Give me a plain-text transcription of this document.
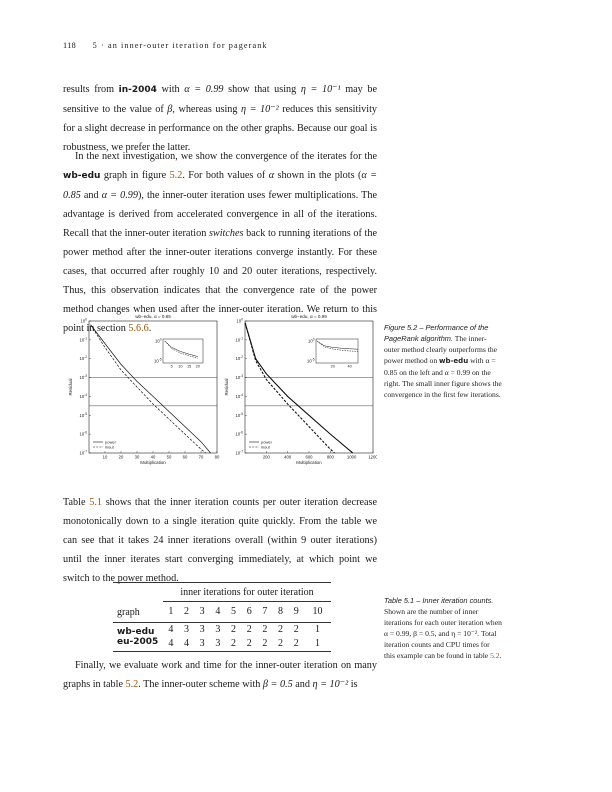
118 5 · an inner-outer iteration for pagerank
results from in-2004 with α = 0.99 show that using η = 10⁻¹ may be sensitive to the value of β, whereas using η = 10⁻² reduces this sensitivity for a slight decrease in performance on the other graphs. Because our goal is robustness, we prefer the latter.
In the next investigation, we show the convergence of the iterates for the wb-edu graph in figure 5.2. For both values of α shown in the plots (α = 0.85 and α = 0.99), the inner-outer iteration uses fewer multiplications. The advantage is derived from accelerated convergence in all of the iterations. Recall that the inner-outer iteration switches back to running iterations of the power method after the inner-outer iterations converge instantly. For these cases, that occurred after roughly 10 and 20 outer iterations, respectively. Thus, this observation indicates that the convergence rate of the power method changes when used after the inner-outer iteration. We return to this point in section 5.6.6.
wb−edu, α = 0.85
$10^{-7}$
$10^{-6}$
$10^{-5}$
$10^{-4}$
$10^{-3}$
$10^{-2}$
$10^{-1}$
$10^0$
10	20	30	40	50	60	70	80
Multiplication
Residual
power
inout
$10^{-5}$
$10^0$
5 10 15 20
wb−edu, α = 0.99
$10^{-7}$
$10^{-6}$
$10^{-5}$
$10^{-4}$
$10^{-3}$
$10^{-2}$
$10^{-1}$
$10^0$
200	400	600	800	1000	1200
Multiplication
Residual
power
inout
$10^{-5}$
$10^0$
20	40
Figure 5.2 – Performance of the PageRank algorithm. The inner-outer method clearly outperforms the power method on wb-edu with α = 0.85 on the left and α = 0.99 on the right. The small inner figure shows the convergence in the first few iterations.
Table 5.1 shows that the inner iteration counts per outer iteration decrease monotonically down to a single iteration quite quickly. From the table we can see that it takes 24 inner iterations overall (within 9 outer iterations) until the inner iterates start converging immediately, at which point we switch to the power method.
	inner iterations for outer iteration									
graph	1	2	3	4	5	6	7	8	9	10
wb-edu	4	3	3	3	2	2	2	2	2	1
eu-2005	4	4	3	3	2	2	2	2	2	1
Table 5.1 – Inner iteration counts. Shown are the number of inner iterations for each outer iteration when α = 0.99, β = 0.5, and η = 10⁻². Total iteration counts and CPU times for this example can be found in table 5.2.
Finally, we evaluate work and time for the inner-outer iteration on many graphs in table 5.2. The inner-outer scheme with β = 0.5 and η = 10⁻² is
